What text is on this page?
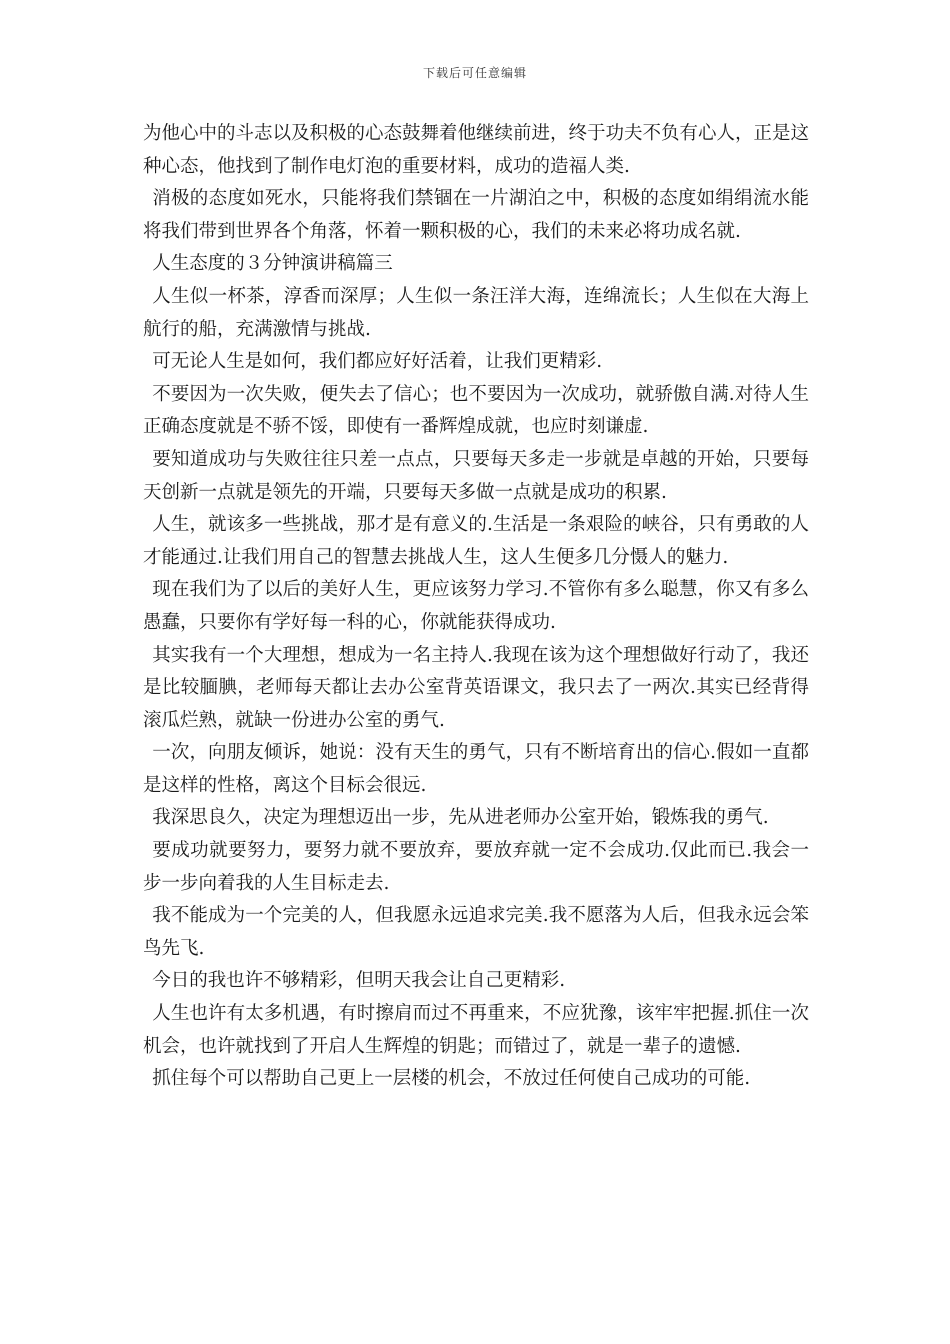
下载后可任意编辑

为他心中的斗志以及积极的心态鼓舞着他继续前进，终于功夫不负有心人，正是这种心态，他找到了制作电灯泡的重要材料，成功的造福人类.

消极的态度如死水，只能将我们禁锢在一片湖泊之中，积极的态度如绢绢流水能将我们带到世界各个角落，怀着一颗积极的心，我们的未来必将功成名就.

人生态度的３分钟演讲稿篇三

人生似一杯茶，淳香而深厚；人生似一条汪洋大海，连绵流长；人生似在大海上航行的船，充满激情与挑战.

可无论人生是如何，我们都应好好活着，让我们更精彩.

不要因为一次失败，便失去了信心；也不要因为一次成功，就骄傲自满.对待人生正确态度就是不骄不馁，即使有一番辉煌成就，也应时刻谦虚.

要知道成功与失败往往只差一点点，只要每天多走一步就是卓越的开始，只要每天创新一点就是领先的开端，只要每天多做一点就是成功的积累.

人生，就该多一些挑战，那才是有意义的.生活是一条艰险的峡谷，只有勇敢的人才能通过.让我们用自己的智慧去挑战人生，这人生便多几分慑人的魅力.

现在我们为了以后的美好人生，更应该努力学习.不管你有多么聪慧，你又有多么愚蠢，只要你有学好每一科的心，你就能获得成功.

其实我有一个大理想，想成为一名主持人.我现在该为这个理想做好行动了，我还是比较腼腆，老师每天都让去办公室背英语课文，我只去了一两次.其实已经背得滚瓜烂熟，就缺一份进办公室的勇气.

一次，向朋友倾诉，她说：没有天生的勇气，只有不断培育出的信心.假如一直都是这样的性格，离这个目标会很远.

我深思良久，决定为理想迈出一步，先从进老师办公室开始，锻炼我的勇气.

要成功就要努力，要努力就不要放弃，要放弃就一定不会成功.仅此而已.我会一步一步向着我的人生目标走去.

我不能成为一个完美的人，但我愿永远追求完美.我不愿落为人后，但我永远会笨鸟先飞.

今日的我也许不够精彩，但明天我会让自己更精彩.

人生也许有太多机遇，有时擦肩而过不再重来，不应犹豫，该牢牢把握.抓住一次机会，也许就找到了开启人生辉煌的钥匙；而错过了，就是一辈子的遗憾.

抓住每个可以帮助自己更上一层楼的机会，不放过任何使自己成功的可能.
